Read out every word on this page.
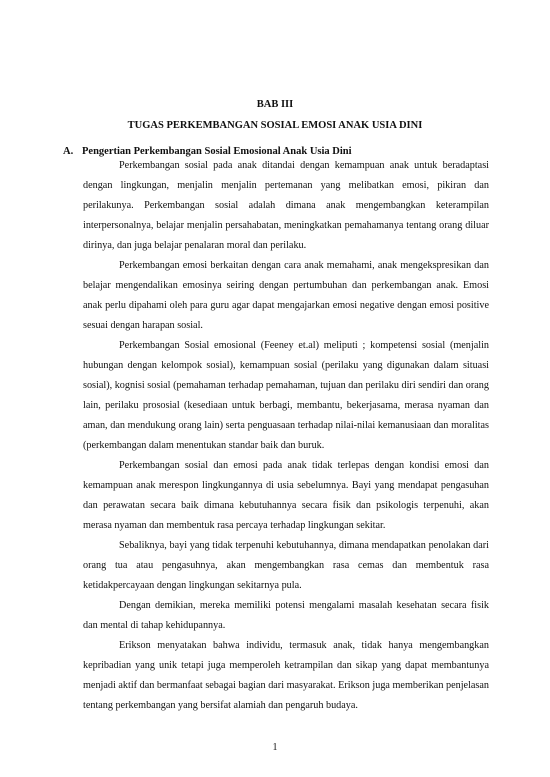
BAB III
TUGAS PERKEMBANGAN SOSIAL EMOSI ANAK USIA DINI
A. Pengertian Perkembangan Sosial Emosional Anak Usia Dini

Perkembangan sosial pada anak ditandai dengan kemampuan anak untuk beradaptasi dengan lingkungan, menjalin menjalin pertemanan yang melibatkan emosi, pikiran dan perilakunya. Perkembangan sosial adalah dimana anak mengembangkan keterampilan interpersonalnya, belajar menjalin persahabatan, meningkatkan pemahamanya tentang orang diluar dirinya, dan juga belajar penalaran moral dan perilaku.

Perkembangan emosi berkaitan dengan cara anak memahami, anak mengekspresikan dan belajar mengendalikan emosinya seiring dengan pertumbuhan dan perkembangan anak. Emosi anak perlu dipahami oleh para guru agar dapat mengajarkan emosi negative dengan emosi positive sesuai dengan harapan sosial.

Perkembangan Sosial emosional (Feeney et.al) meliputi ; kompetensi sosial (menjalin hubungan dengan kelompok sosial), kemampuan sosial (perilaku yang digunakan dalam situasi sosial), kognisi sosial (pemahaman terhadap pemahaman, tujuan dan perilaku diri sendiri dan orang lain, perilaku prososial (kesediaan untuk berbagi, membantu, bekerjasama, merasa nyaman dan aman, dan mendukung orang lain) serta penguasaan terhadap nilai-nilai kemanusiaan dan moralitas (perkembangan dalam menentukan standar baik dan buruk.

Perkembangan sosial dan emosi pada anak tidak terlepas dengan kondisi emosi dan kemampuan anak merespon lingkungannya di usia sebelumnya. Bayi yang mendapat pengasuhan dan perawatan secara baik dimana kebutuhannya secara fisik dan psikologis terpenuhi, akan merasa nyaman dan membentuk rasa percaya terhadap lingkungan sekitar.

Sebaliknya, bayi yang tidak terpenuhi kebutuhannya, dimana mendapatkan penolakan dari orang tua atau pengasuhnya, akan mengembangkan rasa cemas dan membentuk rasa ketidakpercayaan dengan lingkungan sekitarnya pula.

Dengan demikian, mereka memiliki potensi mengalami masalah kesehatan secara fisik dan mental di tahap kehidupannya.

Erikson menyatakan bahwa individu, termasuk anak, tidak hanya mengembangkan kepribadian yang unik tetapi juga memperoleh ketrampilan dan sikap yang dapat membantunya menjadi aktif dan bermanfaat sebagai bagian dari masyarakat. Erikson juga memberikan penjelasan tentang perkembangan yang bersifat alamiah dan pengaruh budaya.

1
